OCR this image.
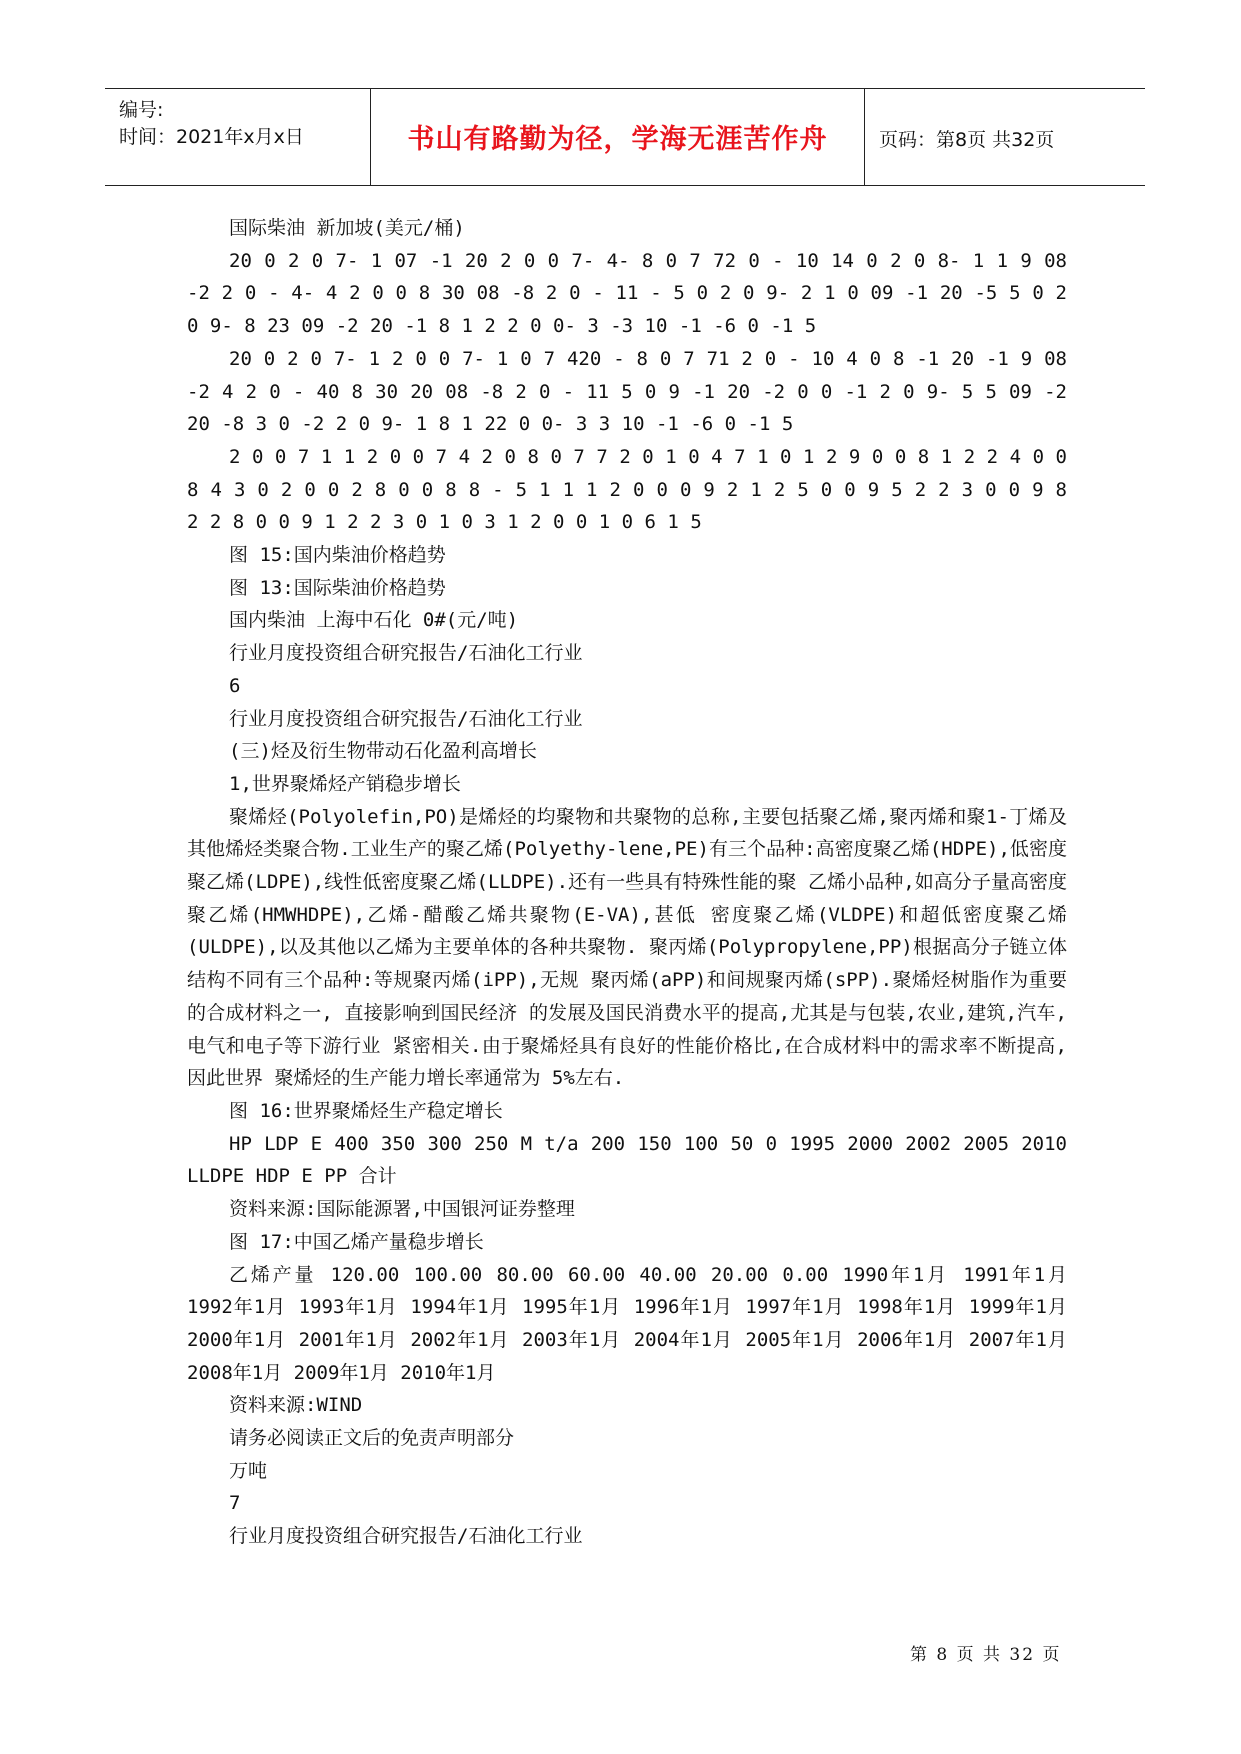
编号:
时间：2021年x月x日	书山有路勤为径，学海无涯苦作舟	页码：第8页 共32页

国际柴油 新加坡(美元/桶)

20 0 2 0 7- 1 07 -1 20 2 0 0 7- 4- 8 0 7 72 0 - 10 14 0 2 0 8- 1 1 9 08 -2 2 0 - 4- 4 2 0 0 8 30 08 -8 2 0 - 11 - 5 0 2 0 9- 2 1 0 09 -1 20 -5 5 0 2 0 9- 8 23 09 -2 20 -1 8 1 2 2 0 0- 3 -3 10 -1 -6 0 -1 5

20 0 2 0 7- 1 2 0 0 7- 1 0 7 420 - 8 0 7 71 2 0 - 10 4 0 8 -1 20 -1 9 08 -2 4 2 0 - 40 8 30 20 08 -8 2 0 - 11 5 0 9 -1 20 -2 0 0 -1 2 0 9- 5 5 09 -2 20 -8 3 0 -2 2 0 9- 1 8 1 22 0 0- 3 3 10 -1 -6 0 -1 5

2 0 0 7 1 1 2 0 0 7 4 2 0 8 0 7 7 2 0 1 0 4 7 1 0 1 2 9 0 0 8 1 2 2 4 0 0 8 4 3 0 2 0 0 2 8 0 0 8 8 - 5 1 1 1 2 0 0 0 9 2 1 2 5 0 0 9 5 2 2 3 0 0 9 8 2 2 8 0 0 9 1 2 2 3 0 1 0 3 1 2 0 0 1 0 6 1 5

图 15:国内柴油价格趋势

图 13:国际柴油价格趋势

国内柴油 上海中石化 0#(元/吨)

行业月度投资组合研究报告/石油化工行业

6

行业月度投资组合研究报告/石油化工行业

(三)烃及衍生物带动石化盈利高增长

1,世界聚烯烃产销稳步增长

聚烯烃(Polyolefin,PO)是烯烃的均聚物和共聚物的总称,主要包括聚乙烯,聚丙烯和聚1-丁烯及其他烯烃类聚合物.工业生产的聚乙烯(Polyethy-lene,PE)有三个品种:高密度聚乙烯(HDPE),低密度聚乙烯(LDPE),线性低密度聚乙烯(LLDPE).还有一些具有特殊性能的聚 乙烯小品种,如高分子量高密度聚乙烯(HMWHDPE),乙烯-醋酸乙烯共聚物(E-VA),甚低 密度聚乙烯(VLDPE)和超低密度聚乙烯(ULDPE),以及其他以乙烯为主要单体的各种共聚物. 聚丙烯(Polypropylene,PP)根据高分子链立体结构不同有三个品种:等规聚丙烯(iPP),无规 聚丙烯(aPP)和间规聚丙烯(sPP).聚烯烃树脂作为重要的合成材料之一, 直接影响到国民经济 的发展及国民消费水平的提高,尤其是与包装,农业,建筑,汽车,电气和电子等下游行业 紧密相关.由于聚烯烃具有良好的性能价格比,在合成材料中的需求率不断提高,因此世界 聚烯烃的生产能力增长率通常为 5%左右.

图 16:世界聚烯烃生产稳定增长

HP LDP E 400 350 300 250 M t/a 200 150 100 50 0 1995 2000 2002 2005 2010 LLDPE HDP E PP 合计

资料来源:国际能源署,中国银河证券整理

图 17:中国乙烯产量稳步增长

乙烯产量 120.00 100.00 80.00 60.00 40.00 20.00 0.00 1990年1月 1991年1月 1992年1月 1993年1月 1994年1月 1995年1月 1996年1月 1997年1月 1998年1月 1999年1月 2000年1月 2001年1月 2002年1月 2003年1月 2004年1月 2005年1月 2006年1月 2007年1月 2008年1月 2009年1月 2010年1月

资料来源:WIND

请务必阅读正文后的免责声明部分

万吨

7

行业月度投资组合研究报告/石油化工行业

第 8 页 共 32 页
